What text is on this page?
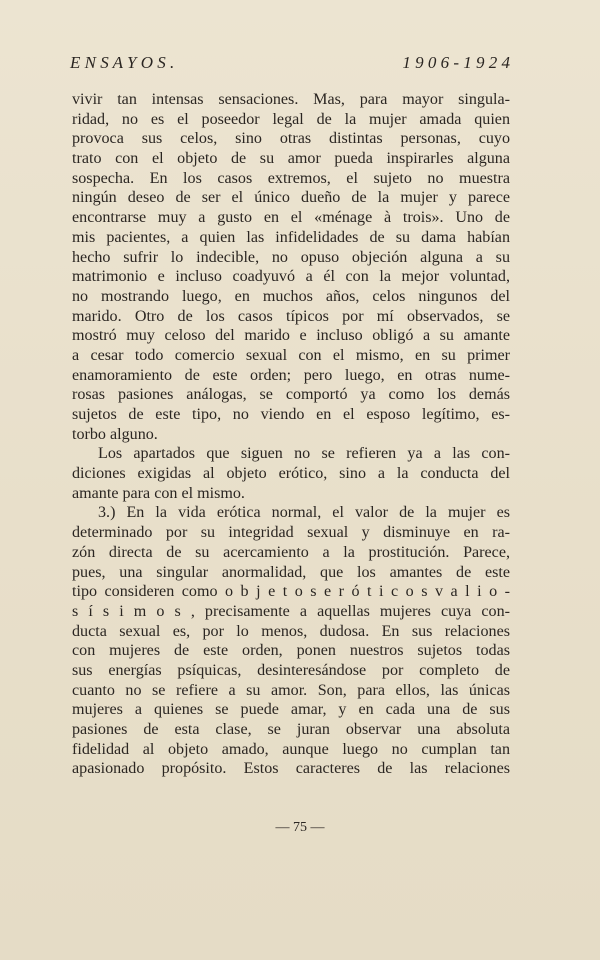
E N S A Y O S .	1 9 0 6 - 1 9 2 4
vivir tan intensas sensaciones. Mas, para mayor singula-
ridad, no es el poseedor legal de la mujer amada quien
provoca sus celos, sino otras distintas personas, cuyo
trato con el objeto de su amor pueda inspirarles alguna
sospecha. En los casos extremos, el sujeto no muestra
ningún deseo de ser el único dueño de la mujer y parece
encontrarse muy a gusto en el «ménage à trois». Uno de
mis pacientes, a quien las infidelidades de su dama habían
hecho sufrir lo indecible, no opuso objeción alguna a su
matrimonio e incluso coadyuvó a él con la mejor voluntad,
no mostrando luego, en muchos años, celos ningunos del
marido. Otro de los casos típicos por mí observados, se
mostró muy celoso del marido e incluso obligó a su amante
a cesar todo comercio sexual con el mismo, en su primer
enamoramiento de este orden; pero luego, en otras nume-
rosas pasiones análogas, se comportó ya como los demás
sujetos de este tipo, no viendo en el esposo legítimo, es-
torbo alguno.
Los apartados que siguen no se refieren ya a las con-
diciones exigidas al objeto erótico, sino a la conducta del
amante para con el mismo.
3.) En la vida erótica normal, el valor de la mujer es
determinado por su integridad sexual y disminuye en ra-
zón directa de su acercamiento a la prostitución. Parece,
pues, una singular anormalidad, que los amantes de este
tipo consideren como o b j e t o s e r ó t i c o s v a l i o -
s í s i m o s , precisamente a aquellas mujeres cuya con-
ducta sexual es, por lo menos, dudosa. En sus relaciones
con mujeres de este orden, ponen nuestros sujetos todas
sus energías psíquicas, desinteresándose por completo de
cuanto no se refiere a su amor. Son, para ellos, las únicas
mujeres a quienes se puede amar, y en cada una de sus
pasiones de esta clase, se juran observar una absoluta
fidelidad al objeto amado, aunque luego no cumplan tan
apasionado propósito. Estos caracteres de las relaciones
— 75 —
